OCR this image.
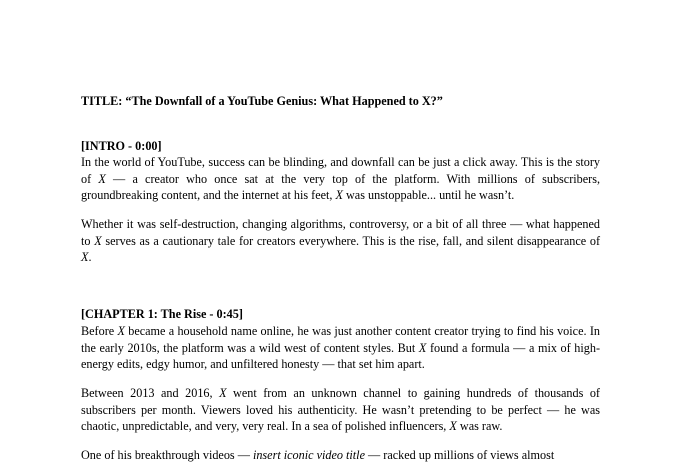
TITLE: “The Downfall of a YouTube Genius: What Happened to X?”

[INTRO - 0:00]

In the world of YouTube, success can be blinding, and downfall can be just a click away. This is the story of X — a creator who once sat at the very top of the platform. With millions of subscribers, groundbreaking content, and the internet at his feet, X was unstoppable... until he wasn’t.

Whether it was self-destruction, changing algorithms, controversy, or a bit of all three — what happened to X serves as a cautionary tale for creators everywhere. This is the rise, fall, and silent disappearance of X.

[CHAPTER 1: The Rise - 0:45]

Before X became a household name online, he was just another content creator trying to find his voice. In the early 2010s, the platform was a wild west of content styles. But X found a formula — a mix of high-energy edits, edgy humor, and unfiltered honesty — that set him apart.

Between 2013 and 2016, X went from an unknown channel to gaining hundreds of thousands of subscribers per month. Viewers loved his authenticity. He wasn’t pretending to be perfect — he was chaotic, unpredictable, and very, very real. In a sea of polished influencers, X was raw.

One of his breakthrough videos — insert iconic video title — racked up millions of views almost
